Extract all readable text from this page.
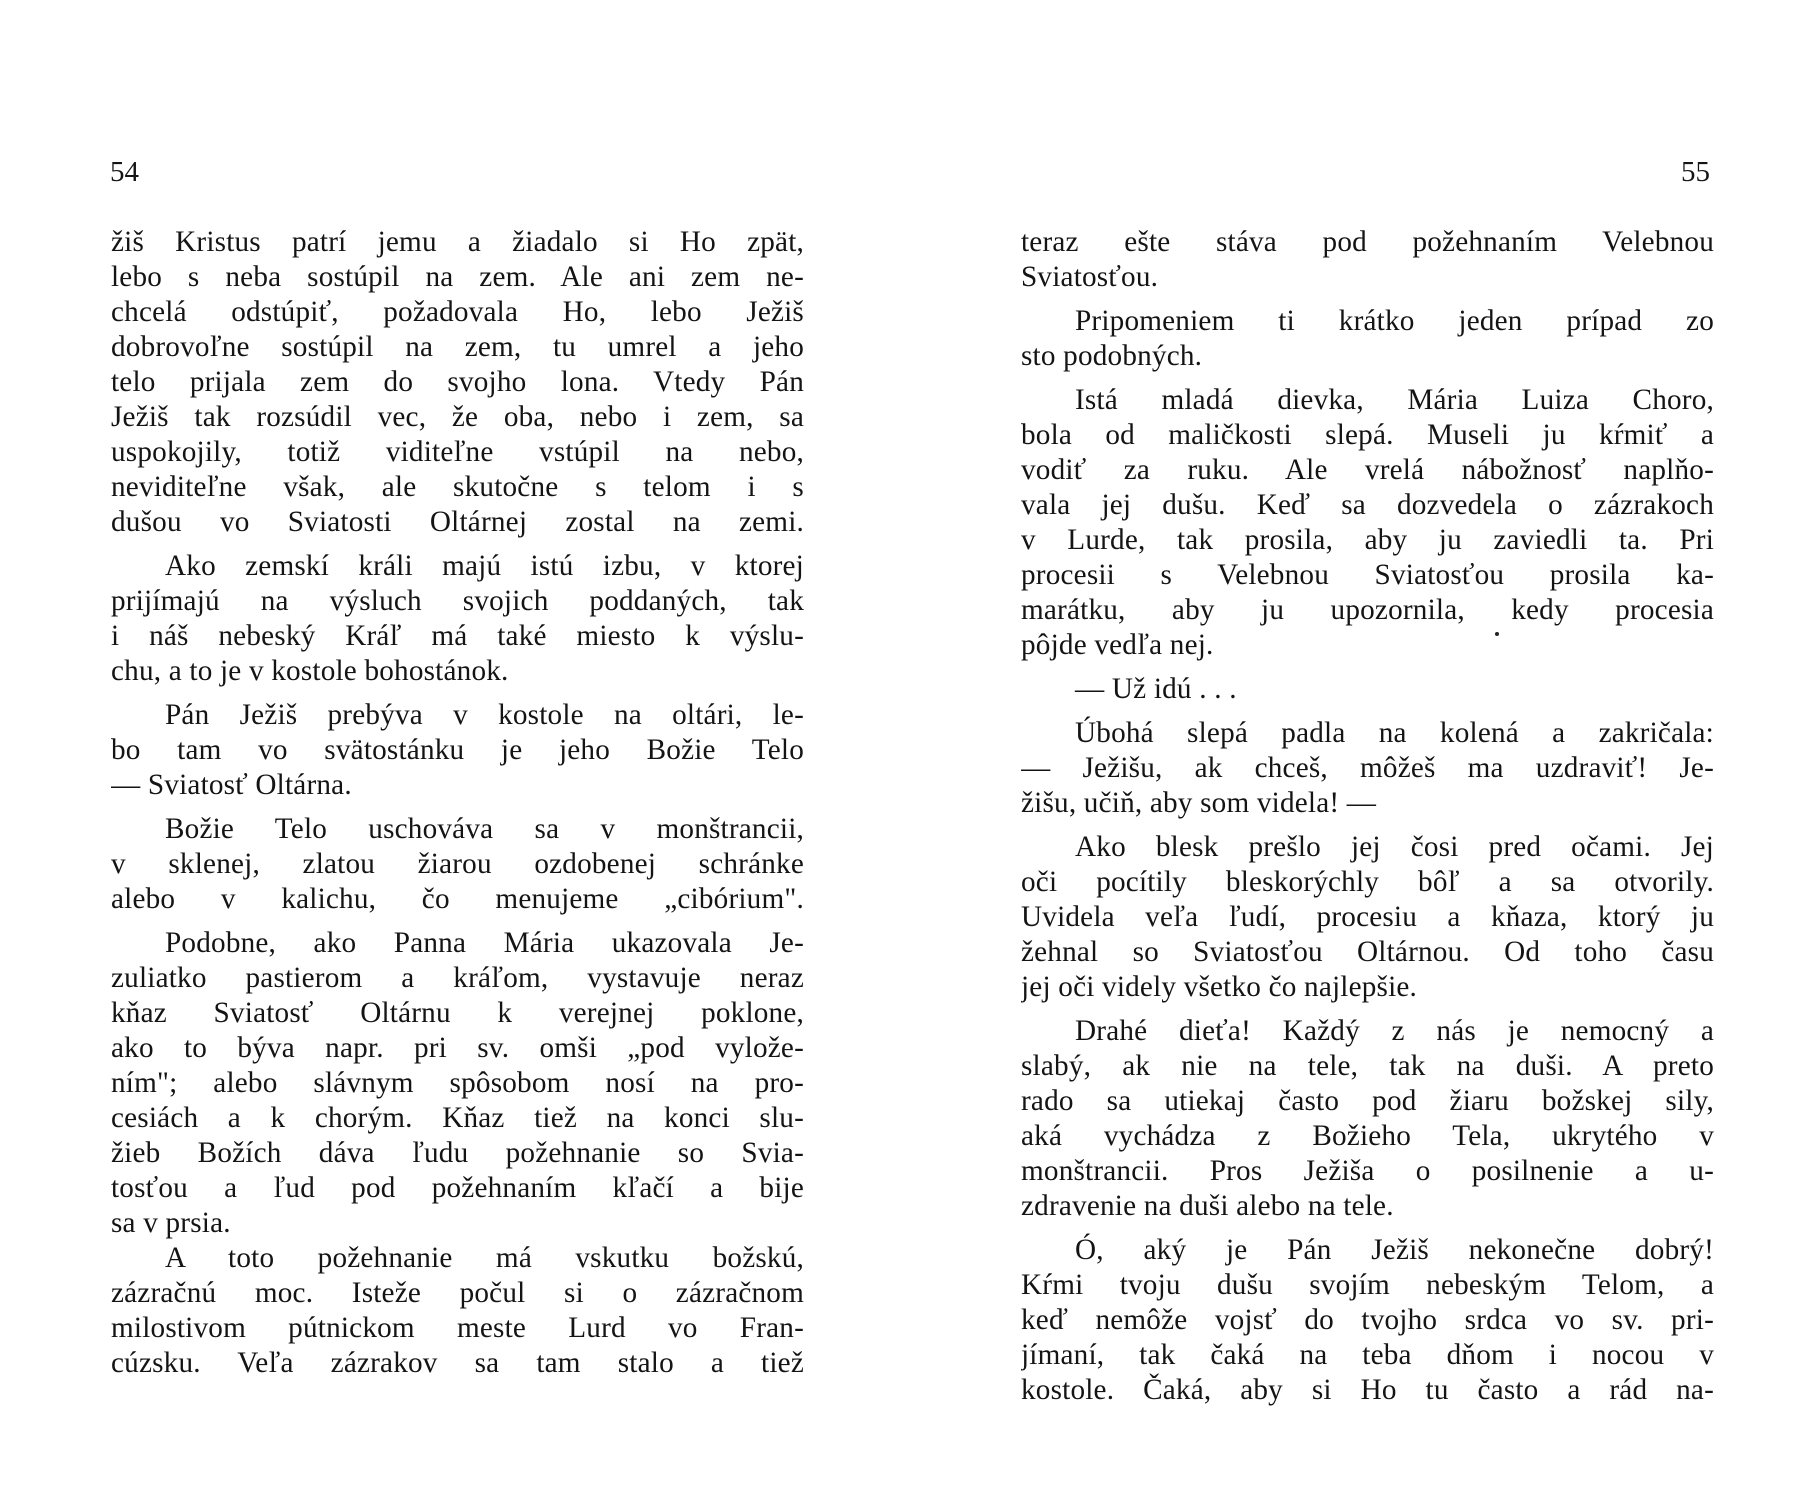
54
žiš Kristus patrí jemu a žiadalo si Ho zpät,
lebo s neba sostúpil na zem. Ale ani zem ne-
chcelá odstúpiť, požadovala Ho, lebo Ježiš
dobrovoľne sostúpil na zem, tu umrel a jeho
telo prijala zem do svojho lona. Vtedy Pán
Ježiš tak rozsúdil vec, že oba, nebo i zem, sa
uspokojily, totiž viditeľne vstúpil na nebo,
neviditeľne však, ale skutočne s telom i s
dušou vo Sviatosti Oltárnej zostal na zemi.
Ako zemskí králi majú istú izbu, v ktorej
prijímajú na výsluch svojich poddaných, tak
i náš nebeský Kráľ má také miesto k výslu-
chu, a to je v kostole bohostánok.
Pán Ježiš prebýva v kostole na oltári, le-
bo tam vo svätostánku je jeho Božie Telo
— Sviatosť Oltárna.
Božie Telo uschováva sa v monštrancii,
v sklenej, zlatou žiarou ozdobenej schránke
alebo v kalichu, čo menujeme „cibórium".
Podobne, ako Panna Mária ukazovala Je-
zuliatko pastierom a kráľom, vystavuje neraz
kňaz Sviatosť Oltárnu k verejnej poklone,
ako to býva napr. pri sv. omši „pod vylože-
ním"; alebo slávnym spôsobom nosí na pro-
cesiách a k chorým. Kňaz tiež na konci slu-
žieb Božích dáva ľudu požehnanie so Svia-
tosťou a ľud pod požehnaním kľačí a bije
sa v prsia.
A toto požehnanie má vskutku božskú,
zázračnú moc. Isteže počul si o zázračnom
milostivom pútnickom meste Lurd vo Fran-
cúzsku. Veľa zázrakov sa tam stalo a tiež
55
teraz ešte stáva pod požehnaním Velebnou
Sviatosťou.
Pripomeniem ti krátko jeden prípad zo
sto podobných.
Istá mladá dievka, Mária Luiza Choro,
bola od maličkosti slepá. Museli ju kŕmiť a
vodiť za ruku. Ale vrelá nábožnosť naplňo-
vala jej dušu. Keď sa dozvedela o zázrakoch
v Lurde, tak prosila, aby ju zaviedli ta. Pri
procesii s Velebnou Sviatosťou prosila ka-
marátku, aby ju upozornila, kedy procesia
pôjde vedľa nej.
— Už idú . . .
Úbohá slepá padla na kolená a zakričala:
— Ježišu, ak chceš, môžeš ma uzdraviť! Je-
žišu, učiň, aby som videla! —
Ako blesk prešlo jej čosi pred očami. Jej
oči pocítily bleskorýchly bôľ a sa otvorily.
Uvidela veľa ľudí, procesiu a kňaza, ktorý ju
žehnal so Sviatosťou Oltárnou. Od toho času
jej oči videly všetko čo najlepšie.
Drahé dieťa! Každý z nás je nemocný a
slabý, ak nie na tele, tak na duši. A preto
rado sa utiekaj často pod žiaru božskej sily,
aká vychádza z Božieho Tela, ukrytého v
monštrancii. Pros Ježiša o posilnenie a u-
zdravenie na duši alebo na tele.
Ó, aký je Pán Ježiš nekonečne dobrý!
Kŕmi tvoju dušu svojím nebeským Telom, a
keď nemôže vojsť do tvojho srdca vo sv. pri-
jímaní, tak čaká na teba dňom i nocou v
kostole. Čaká, aby si Ho tu často a rád na-
